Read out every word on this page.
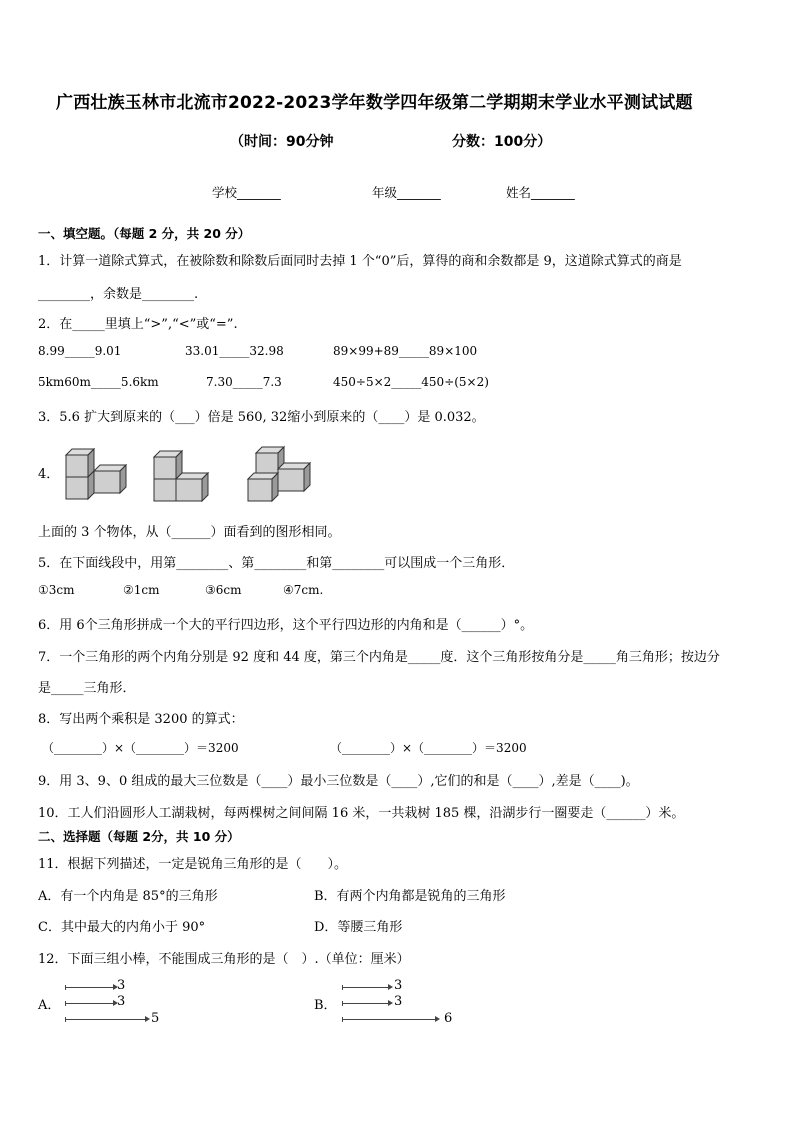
广西壮族玉林市北流市2022-2023学年数学四年级第二学期期末学业水平测试试题
（时间：90分钟	分数：100分）
学校_______	年级_______	姓名_______
一、填空题。（每题 2 分，共 20 分）
1．计算一道除式算式，在被除数和除数后面同时去掉 1 个“0”后，算得的商和余数都是 9，这道除式算式的商是
________，余数是________.
2．在_____里填上“>”,“<”或“=”.
8.99_____9.01	33.01_____32.98	89×99+89_____89×100
5km60m_____5.6km	7.30_____7.3	450÷5×2_____450÷(5×2)
3．5.6 扩大到原来的（___）倍是 560, 32缩小到原来的（____）是 0.032。
4．
上面的 3 个物体，从（______）面看到的图形相同。
5．在下面线段中，用第________、第________和第________可以围成一个三角形．
①3cm	②1cm	③6cm	④7cm.
6．用 6个三角形拼成一个大的平行四边形，这个平行四边形的内角和是（______）°。
7．一个三角形的两个内角分别是 92 度和 44 度，第三个内角是_____度．这个三角形按角分是_____角三角形；按边分
是_____三角形．
8．写出两个乘积是 3200 的算式：
（________）×（________）＝3200	（________）×（________）＝3200
9．用 3、9、0 组成的最大三位数是（____）最小三位数是（____）,它们的和是（____）,差是（____)。
10．工人们沿圆形人工湖栽树，每两棵树之间间隔 16 米，一共栽树 185 棵，沿湖步行一圈要走（______）米。
二、选择题（每题 2分，共 10 分）
11．根据下列描述，一定是锐角三角形的是（　　）。
A．有一个内角是 85°的三角形	B．有两个内角都是锐角的三角形
C．其中最大的内角小于 90°	D．等腰三角形
12．下面三组小棒，不能围成三角形的是（　）.（单位：厘米）
A．
3
3
5
B．
3
3
6
